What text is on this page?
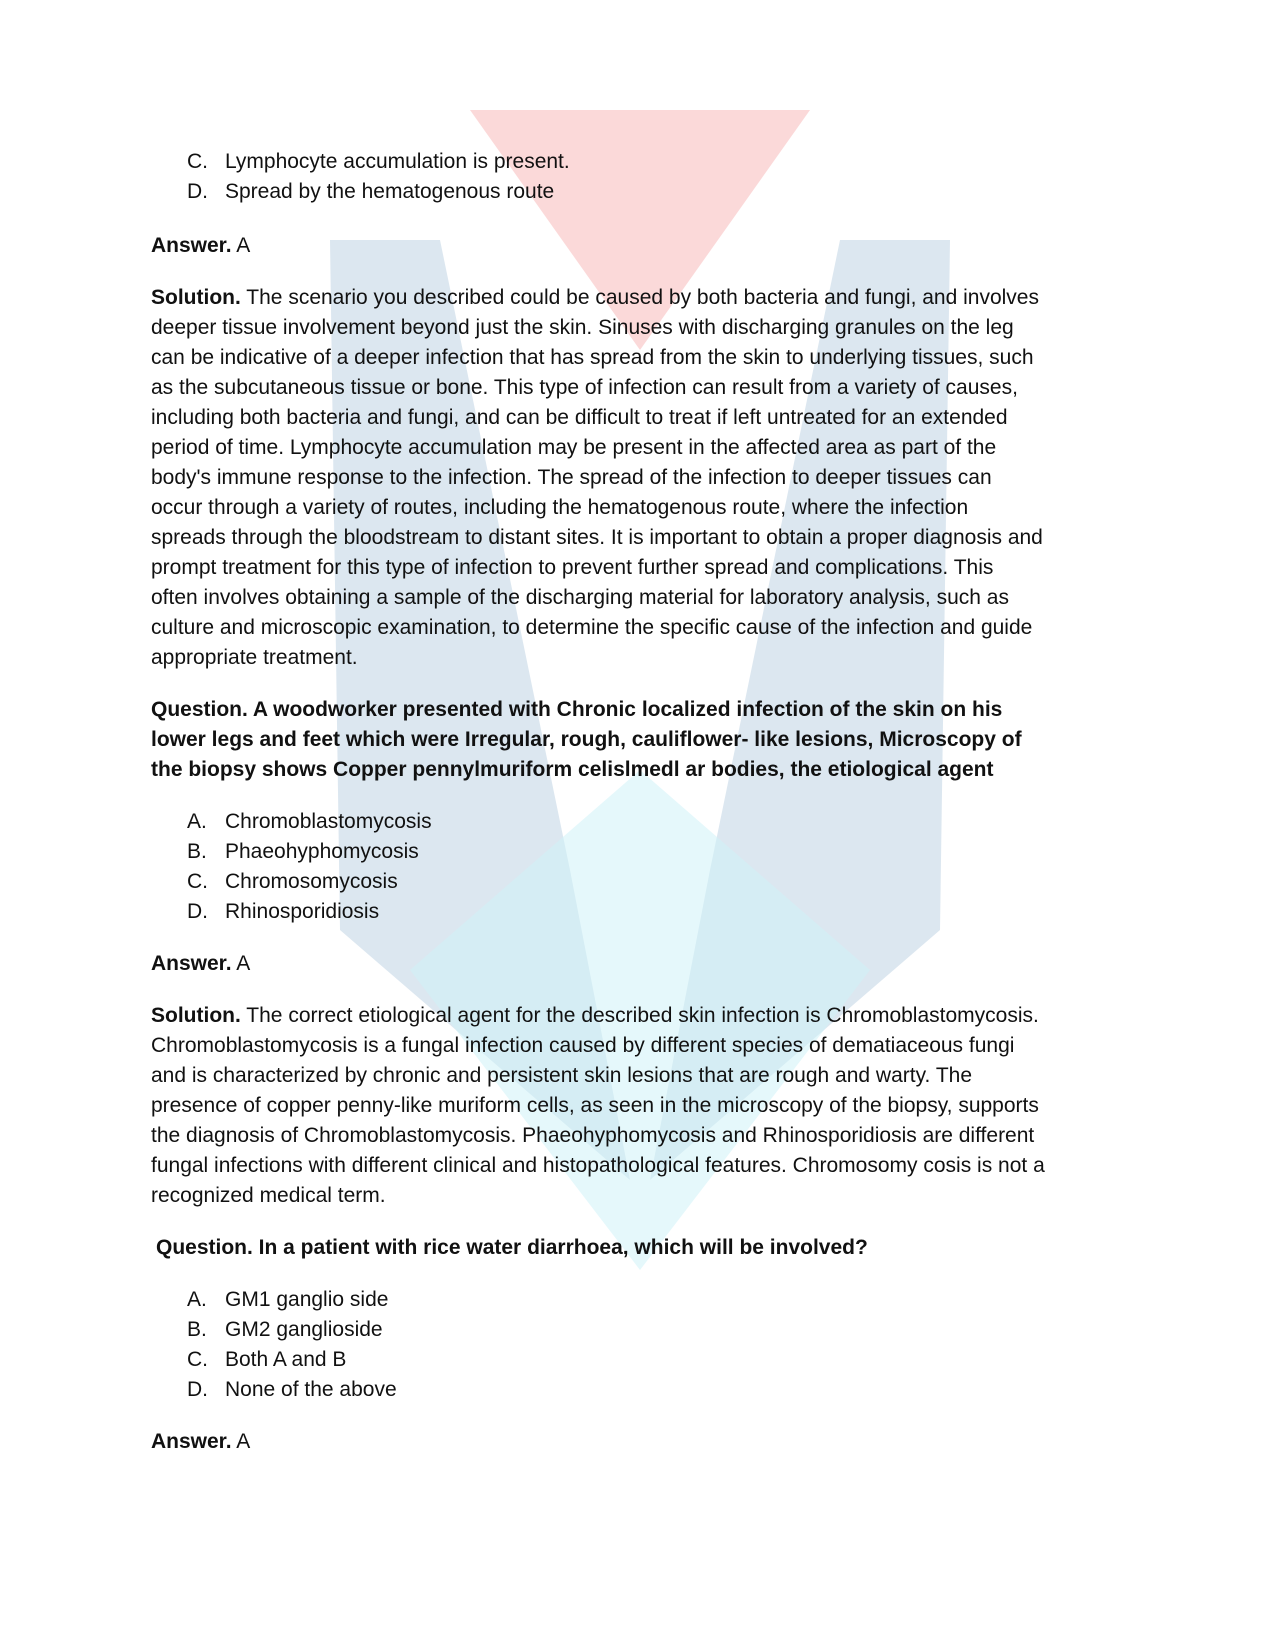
C. Lymphocyte accumulation is present.
D. Spread by the hematogenous route

Answer. A

Solution. The scenario you described could be caused by both bacteria and fungi, and involves

deeper tissue involvement beyond just the skin. Sinuses with discharging granules on the leg

can be indicative of a deeper infection that has spread from the skin to underlying tissues, such

as the subcutaneous tissue or bone. This type of infection can result from a variety of causes,

including both bacteria and fungi, and can be difficult to treat if left untreated for an extended

period of time. Lymphocyte accumulation may be present in the affected area as part of the

body's immune response to the infection. The spread of the infection to deeper tissues can

occur through a variety of routes, including the hematogenous route, where the infection

spreads through the bloodstream to distant sites. It is important to obtain a proper diagnosis and

prompt treatment for this type of infection to prevent further spread and complications. This

often involves obtaining a sample of the discharging material for laboratory analysis, such as

culture and microscopic examination, to determine the specific cause of the infection and guide

appropriate treatment.

Question. A woodworker presented with Chronic localized infection of the skin on his

lower legs and feet which were Irregular, rough, cauliflower- like lesions, Microscopy of

the biopsy shows Copper pennylmuriform celislmedl ar bodies, the etiological agent

A. Chromoblastomycosis
B. Phaeohyphomycosis
C. Chromosomycosis
D. Rhinosporidiosis

Answer. A

Solution. The correct etiological agent for the described skin infection is Chromoblastomycosis.

Chromoblastomycosis is a fungal infection caused by different species of dematiaceous fungi

and is characterized by chronic and persistent skin lesions that are rough and warty. The

presence of copper penny-like muriform cells, as seen in the microscopy of the biopsy, supports

the diagnosis of Chromoblastomycosis. Phaeohyphomycosis and Rhinosporidiosis are different

fungal infections with different clinical and histopathological features. Chromosomy cosis is not a

recognized medical term.

Question. In a patient with rice water diarrhoea, which will be involved?

A. GM1 ganglio side
B. GM2 ganglioside
C. Both A and B
D. None of the above

Answer. A
